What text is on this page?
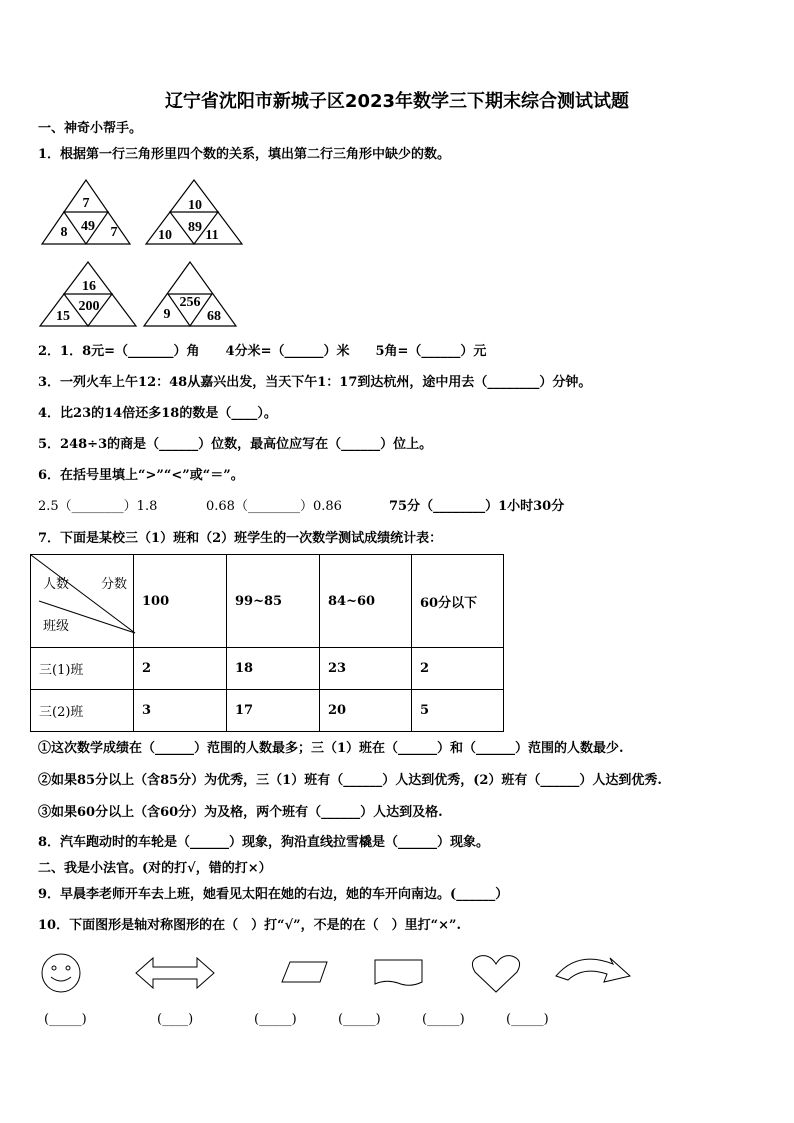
辽宁省沈阳市新城子区2023年数学三下期末综合测试试题
一、神奇小帮手。
1．根据第一行三角形里四个数的关系，填出第二行三角形中缺少的数。
7
49
8	7
10
89
10 11
16
200
15
256
9	68
2．1．8元=（_______）角　　4分米=（______）米　　5角=（______）元
3．一列火车上午12：48从嘉兴出发，当天下午1：17到达杭州，途中用去（________）分钟。
4．比23的14倍还多18的数是（____）。
5．248÷3的商是（______）位数，最高位应写在（______）位上。
6．在括号里填上“>”“<”或“＝”。
2.5（________）1.8	0.68（________）0.86	75分（________）1小时30分
7．下面是某校三（1）班和（2）班学生的一次数学测试成绩统计表：
人数 分数
班级	100	99~85	84~60	60分以下
三(1)班	2	18	23	2
三(2)班	3	17	20	5
①这次数学成绩在（______）范围的人数最多；三（1）班在（______）和（______）范围的人数最少.
②如果85分以上（含85分）为优秀，三（1）班有（______）人达到优秀，(2）班有（______）人达到优秀.
③如果60分以上（含60分）为及格，两个班有（______）人达到及格.
8．汽车跑动时的车轮是（______）现象，狗沿直线拉雪橇是（______）现象。
二、我是小法官。(对的打√，错的打×）
9．早晨李老师开车去上班，她看见太阳在她的右边，她的车开向南边。(______）
10．下面图形是轴对称图形的在（　）打“√”，不是的在（　）里打“×”.
(_____)	(____)	(_____)	(_____)	(_____)	(_____)
